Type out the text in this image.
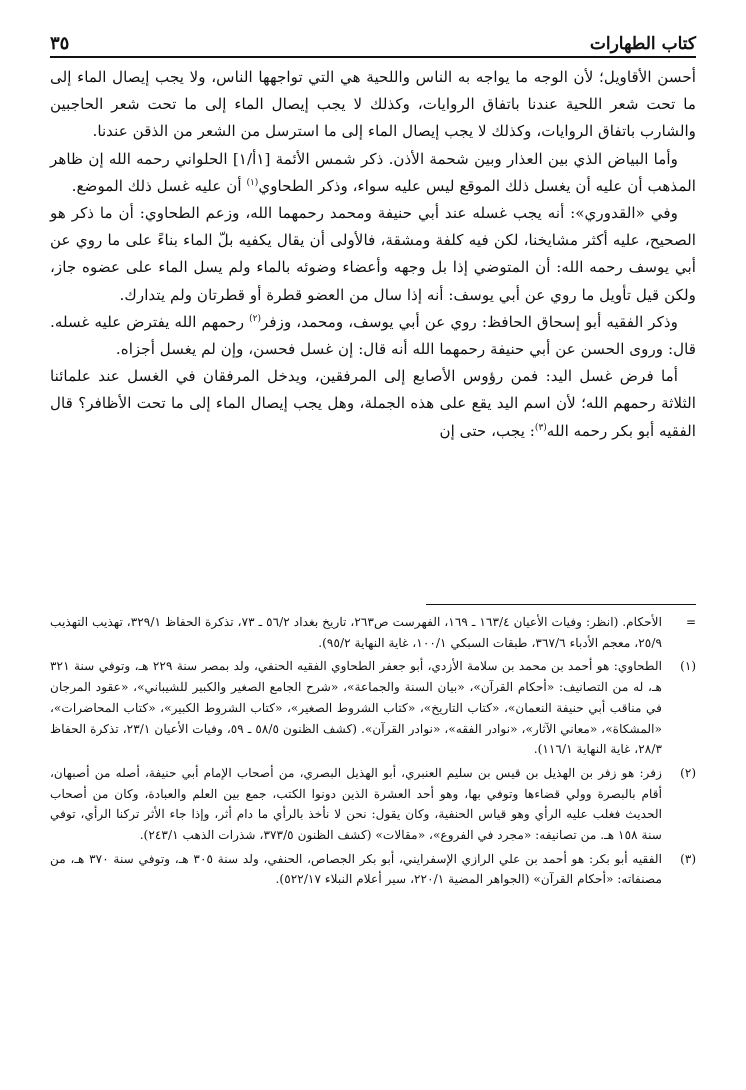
كتاب الطهارات
٣٥

أحسن الأقاويل؛ لأن الوجه ما يواجه به الناس واللحية هي التي تواجهها الناس، ولا يجب إيصال الماء إلى ما تحت شعر اللحية عندنا باتفاق الروايات، وكذلك لا يجب إيصال الماء إلى ما تحت شعر الحاجبين والشارب باتفاق الروايات، وكذلك لا يجب إيصال الماء إلى ما استرسل من الشعر من الذقن عندنا.

وأما البياض الذي بين العذار وبين شحمة الأذن. ذكر شمس الأئمة [١أ/١] الحلواني رحمه الله إن ظاهر المذهب أن عليه أن يغسل ذلك الموقع ليس عليه سواء، وذكر الطحاوي$^{(١)}$ أن عليه غسل ذلك الموضع.

وفي «القدوري»: أنه يجب غسله عند أبي حنيفة ومحمد رحمهما الله، وزعم الطحاوي: أن ما ذكر هو الصحيح، عليه أكثر مشايخنا، لكن فيه كلفة ومشقة، فالأولى أن يقال يكفيه بلّ الماء بناءً على ما روي عن أبي يوسف رحمه الله: أن المتوضي إذا بل وجهه وأعضاء وضوئه بالماء ولم يسل الماء على عضوه جاز، ولكن قيل تأويل ما روي عن أبي يوسف: أنه إذا سال من العضو قطرة أو قطرتان ولم يتدارك.

وذكر الفقيه أبو إسحاق الحافظ: روي عن أبي يوسف، ومحمد، وزفر$^{(٢)}$ رحمهم الله يفترض عليه غسله. قال: وروى الحسن عن أبي حنيفة رحمهما الله أنه قال: إن غسل فحسن، وإن لم يغسل أجزاه.

أما فرض غسل اليد: فمن رؤوس الأصابع إلى المرفقين، ويدخل المرفقان في الغسل عند علمائنا الثلاثة رحمهم الله؛ لأن اسم اليد يقع على هذه الجملة، وهل يجب إيصال الماء إلى ما تحت الأظافر؟ قال الفقيه أبو بكر رحمه الله$^{(٣)}$: يجب، حتى إن

=
الأحكام. (انظر: وفيات الأعيان ١٦٣/٤ ـ ١٦٩، الفهرست ص٢٦٣، تاريخ بغداد ٥٦/٢ ـ ٧٣، تذكرة الحفاظ ٣٢٩/١، تهذيب التهذيب ٢٥/٩، معجم الأدباء ٣٦٧/٦، طبقات السبكي ١٠٠/١، غاية النهاية ٩٥/٢).
(١)
الطحاوي: هو أحمد بن محمد بن سلامة الأزدي، أبو جعفر الطحاوي الفقيه الحنفي، ولد بمصر سنة ٢٢٩ هـ، وتوفي سنة ٣٢١ هـ، له من التصانيف: «أحكام القرآن»، «بيان السنة والجماعة»، «شرح الجامع الصغير والكبير للشيباني»، «عقود المرجان في مناقب أبي حنيفة النعمان»، «كتاب التاريخ»، «كتاب الشروط الصغير»، «كتاب الشروط الكبير»، «كتاب المحاضرات»، «المشكاة»، «معاني الآثار»، «نوادر الفقه»، «نوادر القرآن». (كشف الظنون ٥٨/٥ ـ ٥٩، وفيات الأعيان ٢٣/١، تذكرة الحفاظ ٢٨/٣، غاية النهاية ١١٦/١).
(٢)
زفر: هو زفر بن الهذيل بن قيس بن سليم العنبري، أبو الهذيل البصري، من أصحاب الإمام أبي حنيفة، أصله من أصبهان، أقام بالبصرة وولي قضاءها وتوفي بها، وهو أحد العشرة الذين دونوا الكتب، جمع بين العلم والعبادة، وكان من أصحاب الحديث فغلب عليه الرأي وهو قياس الحنفية، وكان يقول: نحن لا نأخذ بالرأي ما دام أثر، وإذا جاء الأثر تركنا الرأي، توفي سنة ١٥٨ هـ. من تصانيفه: «مجرد في الفروع»، «مقالات» (كشف الظنون ٣٧٣/٥، شذرات الذهب ٢٤٣/١).
(٣)
الفقيه أبو بكر: هو أحمد بن علي الرازي الإسفرايني، أبو بكر الجصاص، الحنفي، ولد سنة ٣٠٥ هـ، وتوفي سنة ٣٧٠ هـ، من مصنفاته: «أحكام القرآن» (الجواهر المضية ٢٢٠/١، سير أعلام النبلاء ٥٢٢/١٧).
